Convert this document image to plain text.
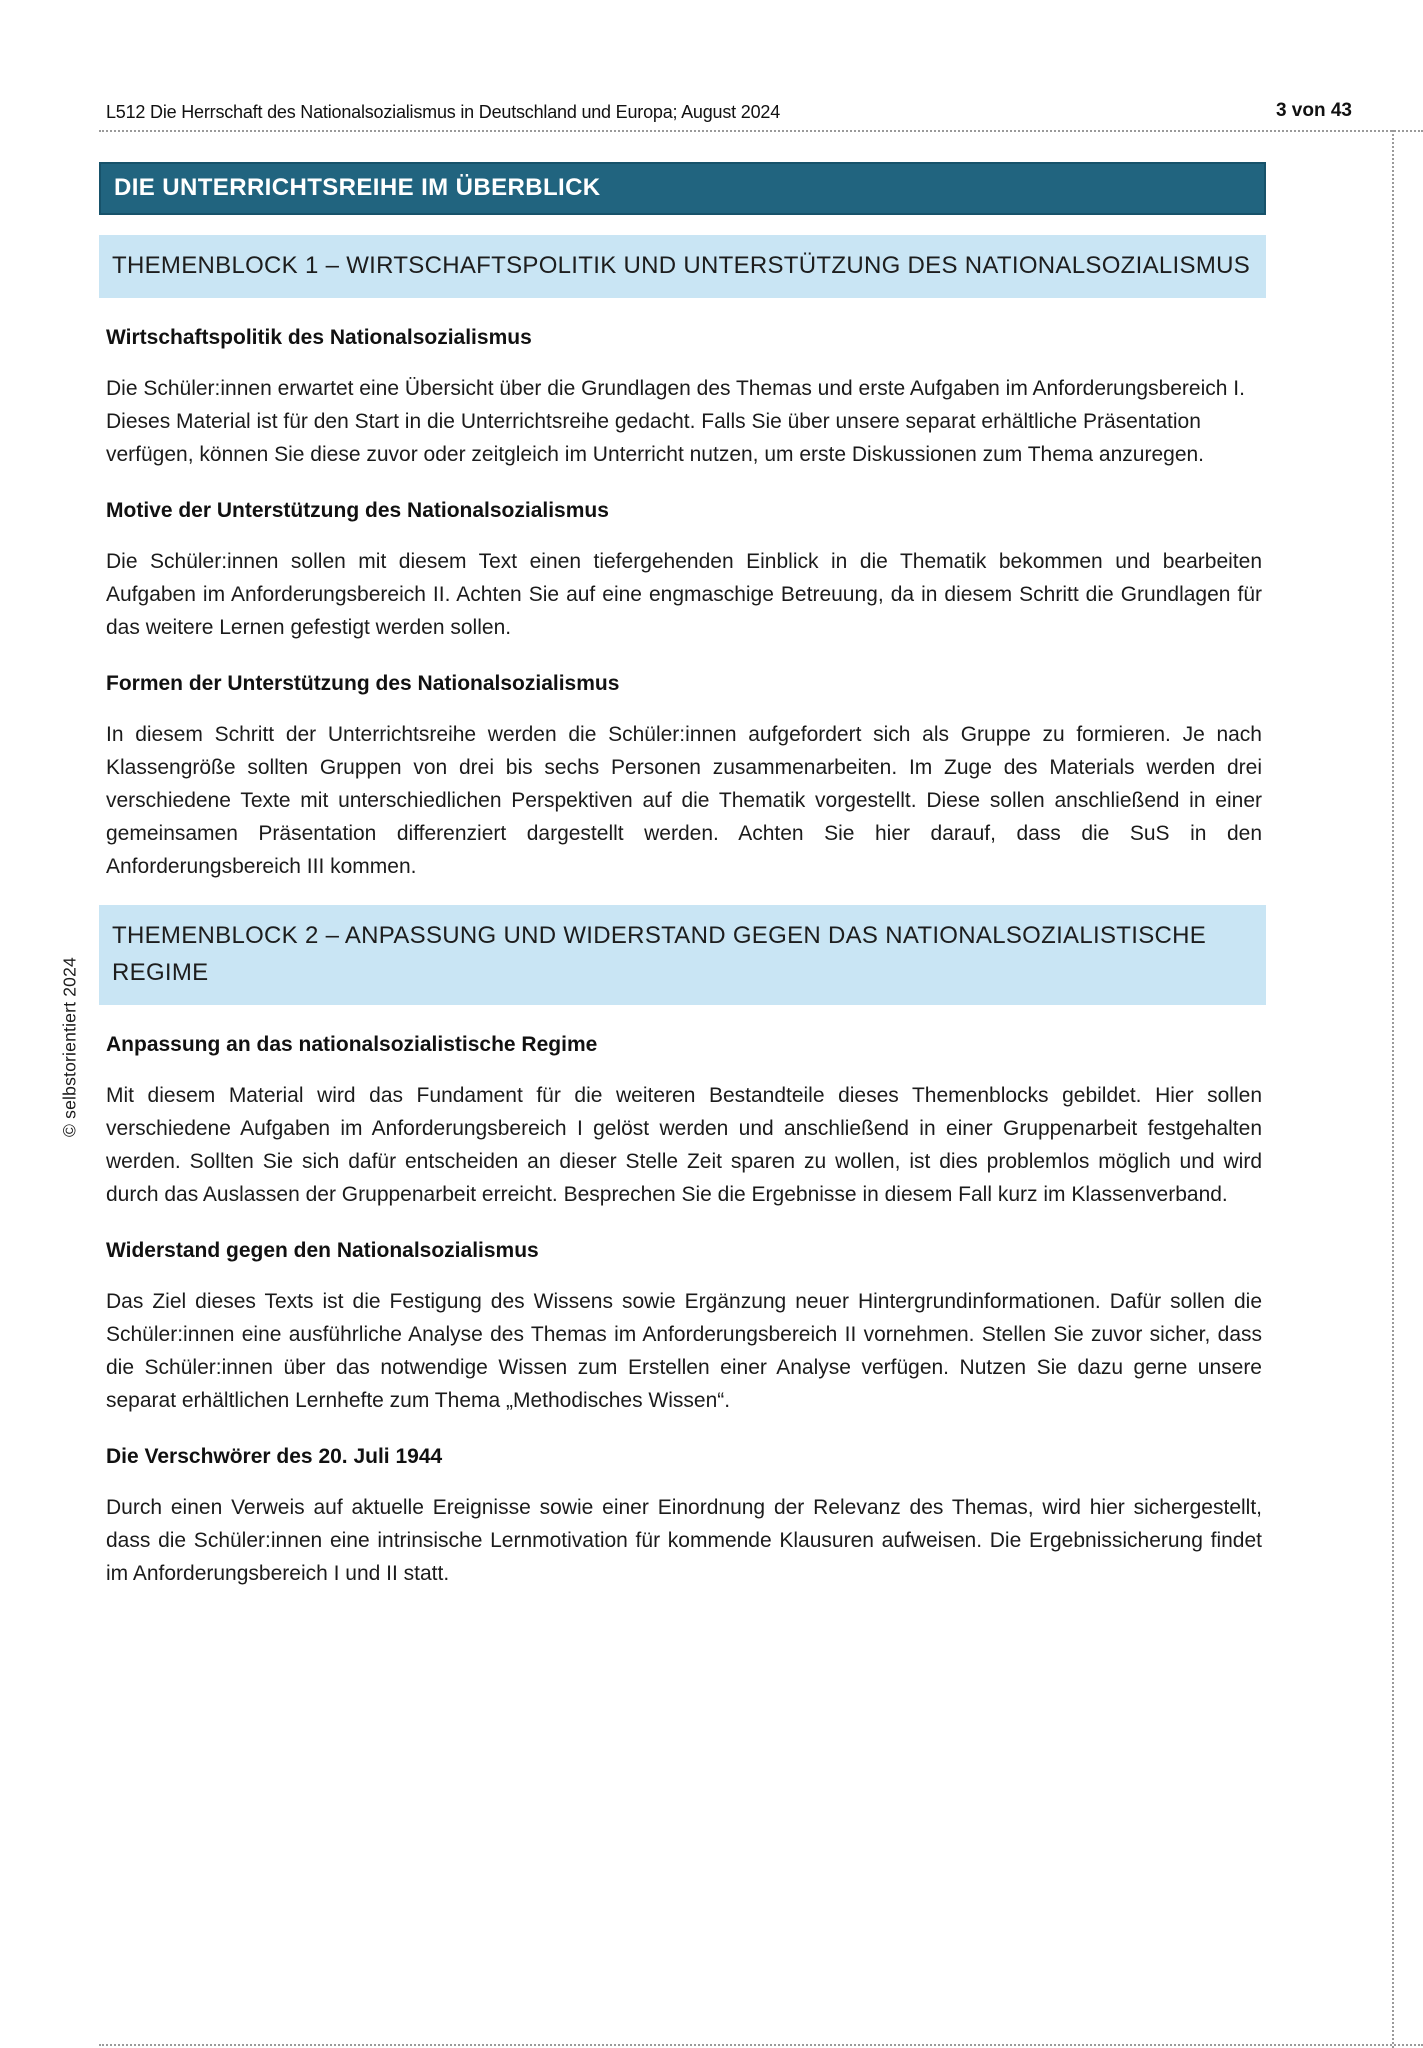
L512 Die Herrschaft des Nationalsozialismus in Deutschland und Europa; August 2024	3 von 43
© selbstorientiert 2024
DIE UNTERRICHTSREIHE IM ÜBERBLICK
THEMENBLOCK 1 – WIRTSCHAFTSPOLITIK UND UNTERSTÜTZUNG DES NATIONALSOZIALISMUS
Wirtschaftspolitik des Nationalsozialismus

Die Schüler:innen erwartet eine Übersicht über die Grundlagen des Themas und erste Aufgaben im Anforderungsbereich I. Dieses Material ist für den Start in die Unterrichtsreihe gedacht. Falls Sie über unsere separat erhältliche Präsentation verfügen, können Sie diese zuvor oder zeitgleich im Unterricht nutzen, um erste Diskussionen zum Thema anzuregen.

Motive der Unterstützung des Nationalsozialismus

Die Schüler:innen sollen mit diesem Text einen tiefergehenden Einblick in die Thematik bekommen und bearbeiten Aufgaben im Anforderungsbereich II. Achten Sie auf eine engmaschige Betreuung, da in diesem Schritt die Grundlagen für das weitere Lernen gefestigt werden sollen.

Formen der Unterstützung des Nationalsozialismus

In diesem Schritt der Unterrichtsreihe werden die Schüler:innen aufgefordert sich als Gruppe zu formieren. Je nach Klassengröße sollten Gruppen von drei bis sechs Personen zusammenarbeiten. Im Zuge des Materials werden drei verschiedene Texte mit unterschiedlichen Perspektiven auf die Thematik vorgestellt. Diese sollen anschließend in einer gemeinsamen Präsentation differenziert dargestellt werden. Achten Sie hier darauf, dass die SuS in den Anforderungsbereich III kommen.

THEMENBLOCK 2 – ANPASSUNG UND WIDERSTAND GEGEN DAS NATIONALSOZIALISTISCHE REGIME
Anpassung an das nationalsozialistische Regime

Mit diesem Material wird das Fundament für die weiteren Bestandteile dieses Themenblocks gebildet. Hier sollen verschiedene Aufgaben im Anforderungsbereich I gelöst werden und anschließend in einer Gruppenarbeit festgehalten werden. Sollten Sie sich dafür entscheiden an dieser Stelle Zeit sparen zu wollen, ist dies problemlos möglich und wird durch das Auslassen der Gruppenarbeit erreicht. Besprechen Sie die Ergebnisse in diesem Fall kurz im Klassenverband.

Widerstand gegen den Nationalsozialismus

Das Ziel dieses Texts ist die Festigung des Wissens sowie Ergänzung neuer Hintergrundinformationen. Dafür sollen die Schüler:innen eine ausführliche Analyse des Themas im Anforderungsbereich II vornehmen. Stellen Sie zuvor sicher, dass die Schüler:innen über das notwendige Wissen zum Erstellen einer Analyse verfügen. Nutzen Sie dazu gerne unsere separat erhältlichen Lernhefte zum Thema „Methodisches Wissen“.

Die Verschwörer des 20. Juli 1944

Durch einen Verweis auf aktuelle Ereignisse sowie einer Einordnung der Relevanz des Themas, wird hier sichergestellt, dass die Schüler:innen eine intrinsische Lernmotivation für kommende Klausuren aufweisen. Die Ergebnissicherung findet im Anforderungsbereich I und II statt.
